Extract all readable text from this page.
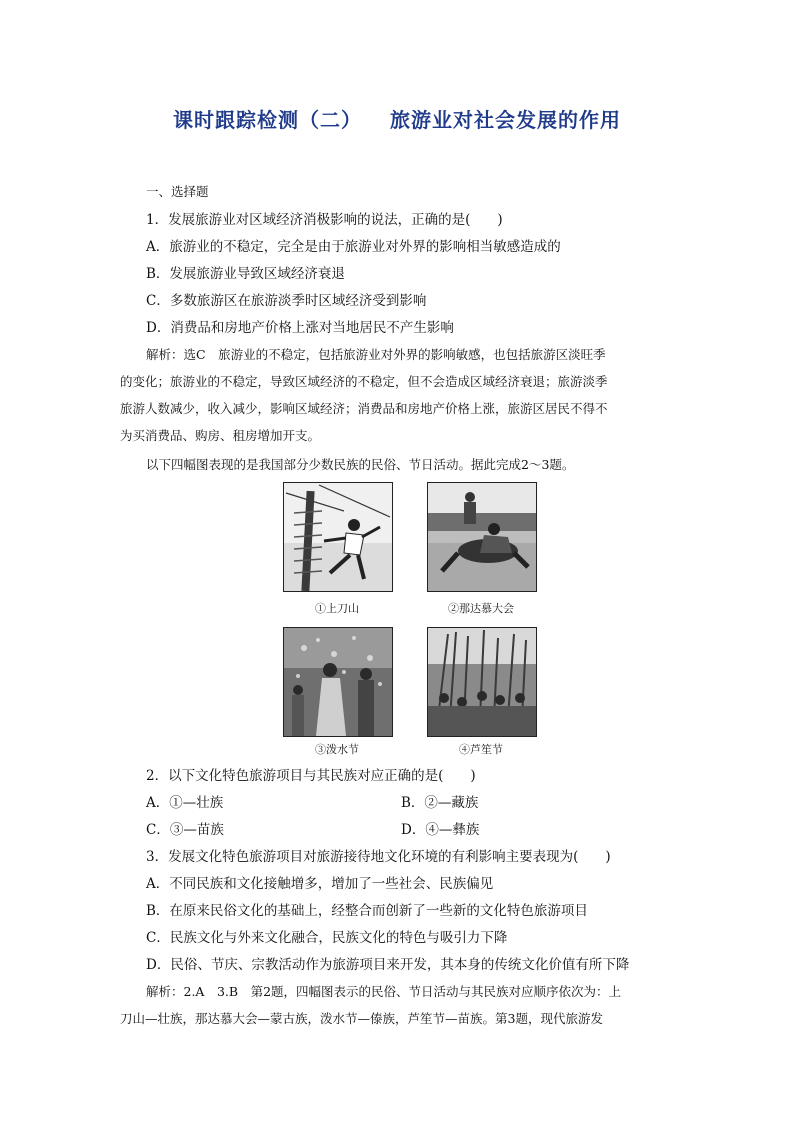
课时跟踪检测（二） 旅游业对社会发展的作用
一、选择题
1．发展旅游业对区域经济消极影响的说法，正确的是(　　)
A．旅游业的不稳定，完全是由于旅游业对外界的影响相当敏感造成的
B．发展旅游业导致区域经济衰退
C．多数旅游区在旅游淡季时区域经济受到影响
D．消费品和房地产价格上涨对当地居民不产生影响
解析：选C　旅游业的不稳定，包括旅游业对外界的影响敏感，也包括旅游区淡旺季
的变化；旅游业的不稳定，导致区域经济的不稳定，但不会造成区域经济衰退；旅游淡季
旅游人数减少，收入减少，影响区域经济；消费品和房地产价格上涨，旅游区居民不得不
为买消费品、购房、租房增加开支。
以下四幅图表现的是我国部分少数民族的民俗、节日活动。据此完成2～3题。
①上刀山	②那达慕大会
③泼水节	④芦笙节
2．以下文化特色旅游项目与其民族对应正确的是(　　)
A．①—壮族	B．②—藏族
C．③—苗族	D．④—彝族
3．发展文化特色旅游项目对旅游接待地文化环境的有利影响主要表现为(　　)
A．不同民族和文化接触增多，增加了一些社会、民族偏见
B．在原来民俗文化的基础上，经整合而创新了一些新的文化特色旅游项目
C．民族文化与外来文化融合，民族文化的特色与吸引力下降
D．民俗、节庆、宗教活动作为旅游项目来开发，其本身的传统文化价值有所下降
解析：2.A　3.B　第2题，四幅图表示的民俗、节日活动与其民族对应顺序依次为：上
刀山—壮族，那达慕大会—蒙古族，泼水节—傣族，芦笙节—苗族。第3题，现代旅游发
